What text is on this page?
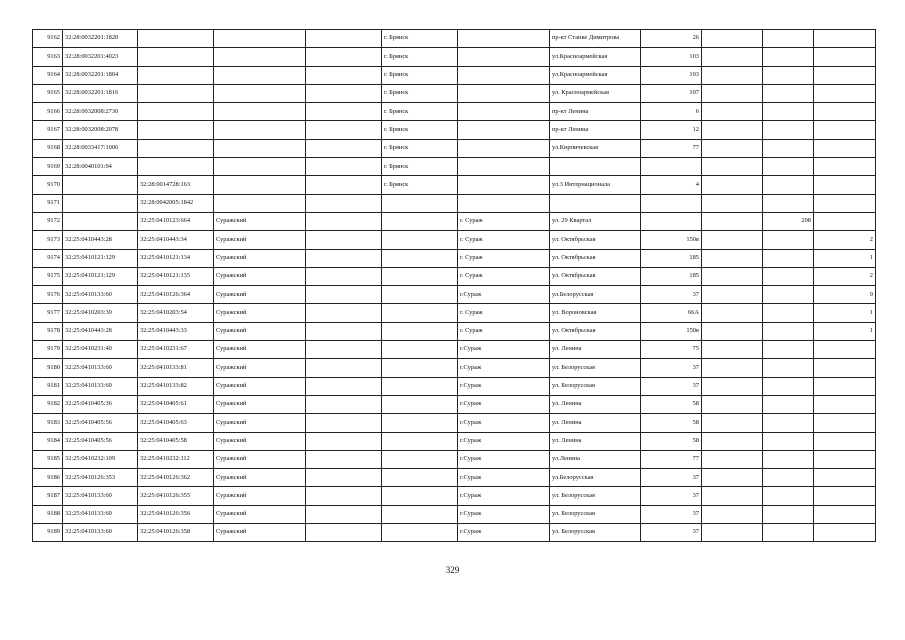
9162	32:28:0032201:1820				г. Брянск		пр-кт Станке Димитрова	26			
9163	32:28:0032201:4023				г. Брянск		ул.Красноармейская	103			
9164	32:28:0032201:1804				г. Брянск		ул.Красноармейская	103			
9165	32:28:0032201:1816				г. Брянск		ул. Красноармейская	107			
9166	32:28:0032008:2730				г. Брянск		пр-кт Ленина	6			
9167	32:28:0032008:2078				г. Брянск		пр-кт Ленина	12			
9168	32:28:0033417:1006				г. Брянск		ул.Кирпичевская	77			
9169	32:28:0040101:94				г. Брянск						
9170		32:28:0014728:163			г. Брянск		ул.3 Интернационала	4			
9171		32:28:0042005:1842									
9172		32:25:0410123:664	Суражский			г. Сураж	ул. 29 Квартал			208	
9173	32:25:0410443:28	32:25:0410443:34	Суражский			г. Сураж	ул. Октябрьская	150в			2
9174	32:25:0410121:129	32:25:0410121:134	Суражский			г. Сураж	ул. Октябрьская	185			1
9175	32:25:0410121:129	32:25:0410121:135	Суражский			г. Сураж	ул. Октябрьская	185			2
9176	32:25:0410133:60	32:25:0410126:364	Суражский			г.Сураж	ул.Белорусская	37			9
9177	32:25:0410203:30	32:25:0410203:54	Суражский			г. Сураж	ул. Вороновская	66А			1
9178	32:25:0410443:28	32:25:0410443:33	Суражский			г. Сураж	ул. Октябрьская	150в			1
9179	32:25:0410231:40	32:25:0410231:67	Суражский			г.Сураж	ул. Ленина	75			
9180	32:25:0410133:60	32:25:0410133:81	Суражский			г.Сураж	ул. Белорусская	37			
9181	32:25:0410133:60	32:25:0410133:82	Суражский			г.Сураж	ул. Белорусская	37			
9182	32:25:0410405:36	32:25:0410405:61	Суражский			г.Сураж	ул. Ленина	58			
9183	32:25:0410405:56	32:25:0410405:63	Суражский			г.Сураж	ул. Ленина	58			
9184	32:25:0410405:56	32:25:0410405:58	Суражский			г.Сураж	ул. Ленина	58			
9185	32:25:0410232:109	32:25:0410232:112	Суражский			г.Сураж	ул.Ленина	77			
9186	32:25:0410126:353	32:25:0410126:362	Суражский			г.Сураж	ул.Белорусская	37			
9187	32:25:0410133:60	32:25:0410126:355	Суражский			г.Сураж	ул. Белорусская	37			
9188	32:25:0410133:60	32:25:0410126:356	Суражский			г.Сураж	ул. Белорусская	37			
9189	32:25:0410133:60	32:25:0410126:358	Суражский			г.Сураж	ул. Белорусская	37			
329
